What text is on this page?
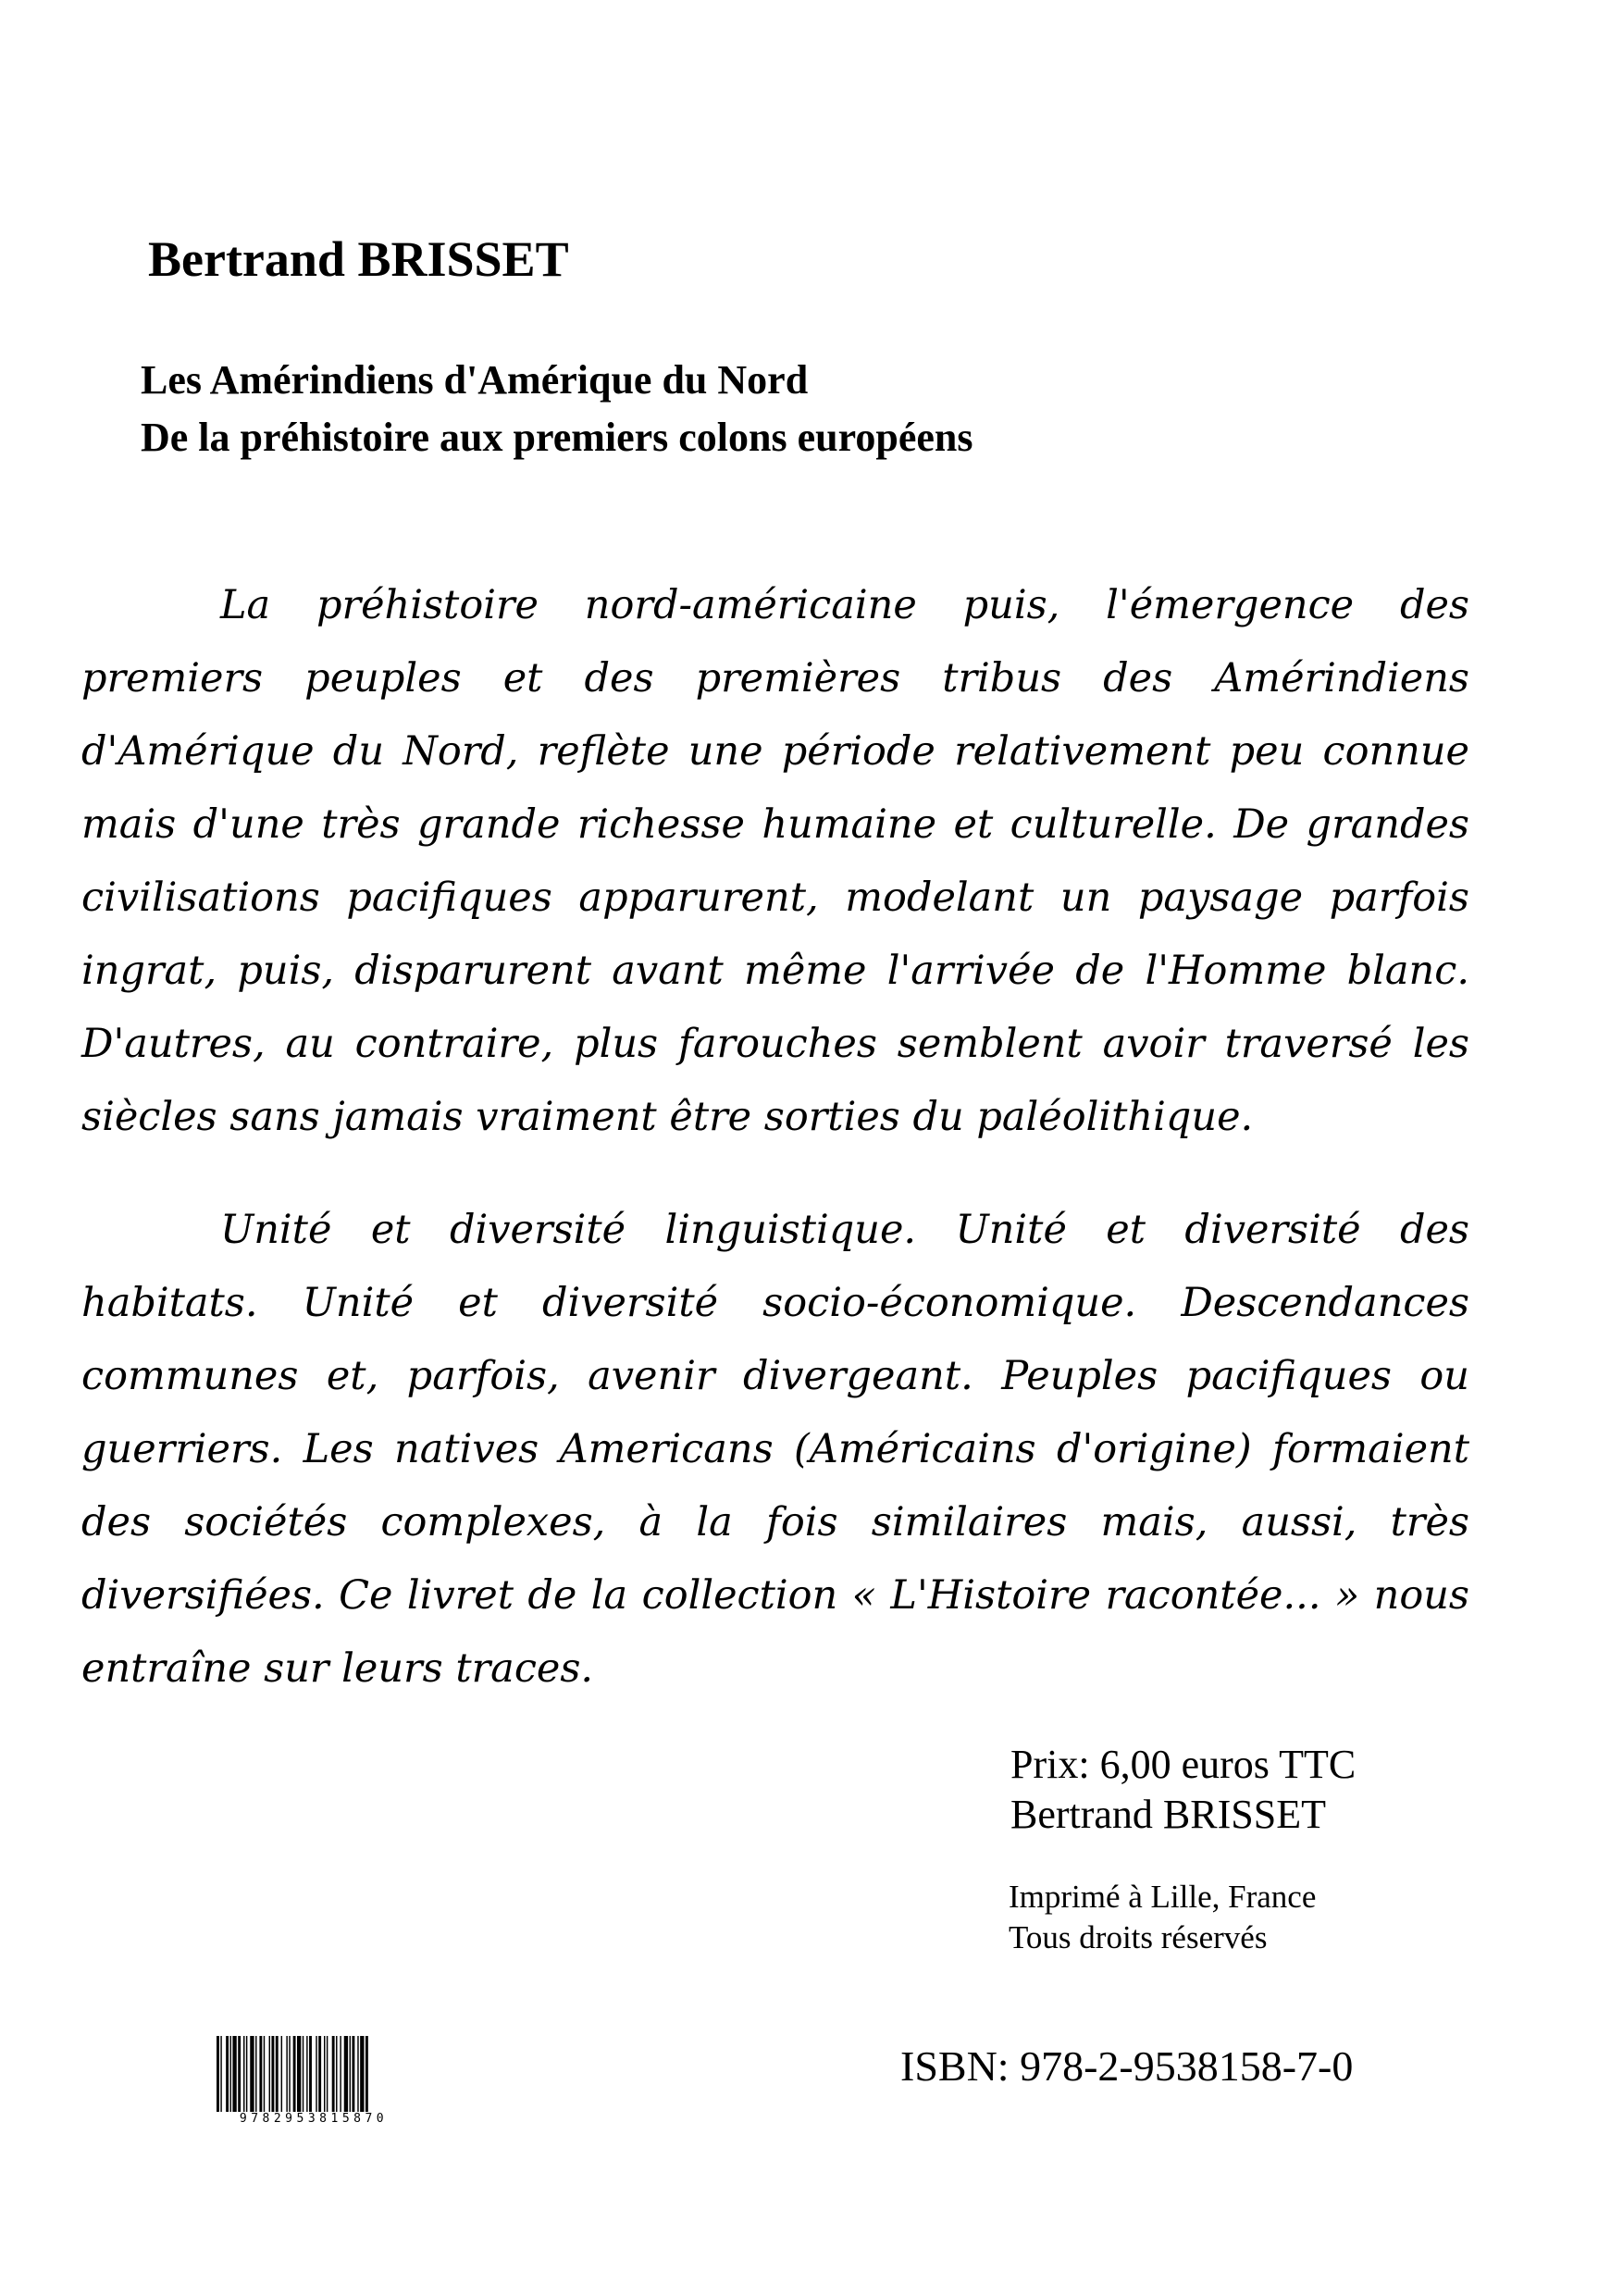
Bertrand BRISSET
Les Amérindiens d'Amérique du Nord
De la préhistoire aux premiers colons européens

La préhistoire nord-américaine puis, l'émergence des premiers peuples et des premières tribus des Amérindiens d'Amérique du Nord, reflète une période relativement peu connue mais d'une très grande richesse humaine et culturelle. De grandes civilisations pacifiques apparurent, modelant un paysage parfois ingrat, puis, disparurent avant même l'arrivée de l'Homme blanc. D'autres, au contraire, plus farouches semblent avoir traversé les siècles sans jamais vraiment être sorties du paléolithique.

Unité et diversité linguistique. Unité et diversité des habitats. Unité et diversité socio-économique. Descendances communes et, parfois, avenir divergeant. Peuples pacifiques ou guerriers. Les natives Americans (Américains d'origine) formaient des sociétés complexes, à la fois similaires mais, aussi, très diversifiées. Ce livret de la collection « L'Histoire racontée... » nous entraîne sur leurs traces.

Prix: 6,00 euros TTC
Bertrand BRISSET
Imprimé à Lille, France
Tous droits réservés
9782953815870
ISBN: 978-2-9538158-7-0
